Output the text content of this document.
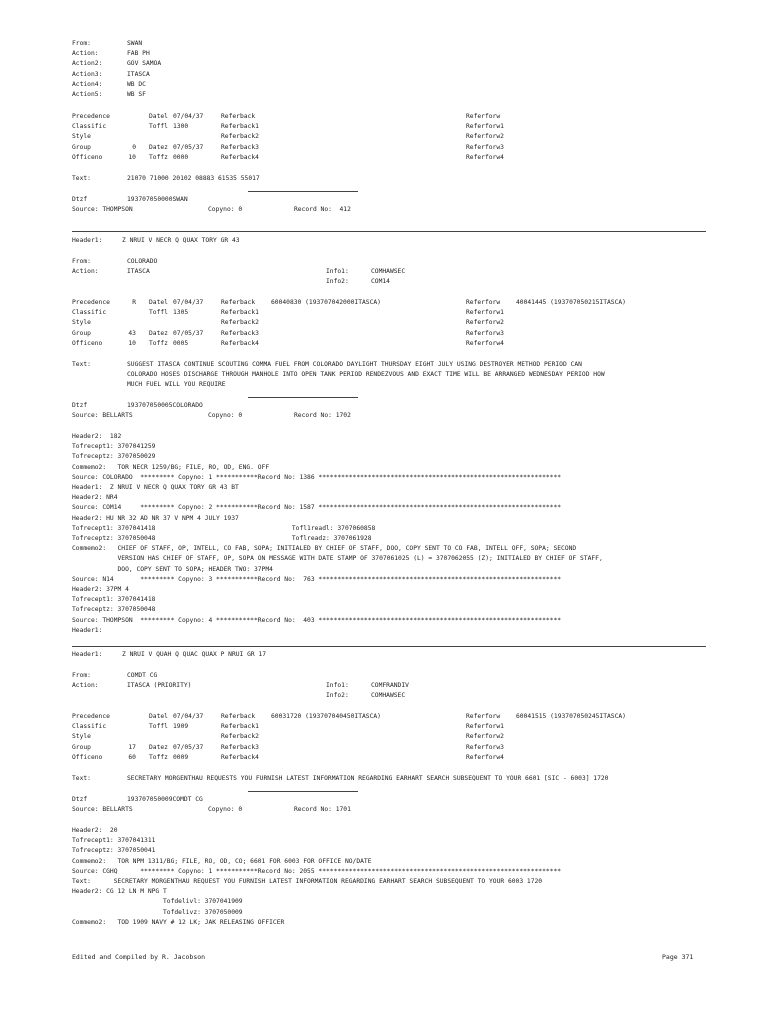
From:	SWAN
Action:	FAB PH
Action2:	GOV SAMOA
Action3:	ITASCA
Action4:	WB DC
Action5:	WB SF
Precedence	Datel 07/04/37	Referback	Referforw
Classific	Toffl 1300	Referback1	Referforw1
Style	Referback2	Referforw2
Group	0 Datez 07/05/37	Referback3	Referforw3
Officeno	10 Toffz 0000	Referback4	Referforw4
Text:	21070 71000 20102 08883 61535 55017
Dtzf	193707050000SWAN
Source: THOMPSON	Copyno: 0	Record No:  412
Header1:	Z NRUI V NECR Q QUAX TORY GR 43
From:	COLORADO
Action:	ITASCA	Info1:	COMHAWSEC
Info2:	COM14
Precedence	R Datel 07/04/37	Referback	60040830 (193707042000ITASCA)	Referforw	40041445 (193707050215ITASCA)
Classific	Toffl 1305	Referback1	Referforw1
Style	Referback2	Referforw2
Group	43 Datez 07/05/37	Referback3	Referforw3
Officeno	10 Toffz 0005	Referback4	Referforw4
Text:	SUGGEST ITASCA CONTINUE SCOUTING COMMA FUEL FROM COLORADO DAYLIGHT THURSDAY EIGHT JULY USING DESTROYER METHOD PERIOD CAN
COLORADO HOSES DISCHARGE THROUGH MANHOLE INTO OPEN TANK PERIOD RENDEZVOUS AND EXACT TIME WILL BE ARRANGED WEDNESDAY PERIOD HOW
MUCH FUEL WILL YOU REQUIRE
Dtzf	193707050005COLORADO
Source: BELLARTS	Copyno: 0	Record No: 1702
Header2:  182
Tofrecept1: 3707041259
Tofreceptz: 3707050029
Commemo2:   TOR NECR 1259/BG; FILE, RO, OD, ENG. OFF
Source: COLORADO  ********* Copyno: 1 ***********Record No: 1386 ****************************************************************
Header1:  Z NRUI V NECR Q QUAX TORY GR 43 BT
Header2: NR4
Source: COM14     ********* Copyno: 2 ***********Record No: 1587 ****************************************************************
Header2: HU NR 32 AD NR 37 V NPM 4 JULY 1937
Tofrecept1: 3707041418                                    Tofl1readl: 3707060858
Tofreceptz: 3707050048                                    Toflreadz: 3707061928
Commemo2:   CHIEF OF STAFF, OP, INTELL, CO FAB, SOPA; INITIALED BY CHIEF OF STAFF, DOO, COPY SENT TO CO FAB, INTELL OFF, SOPA; SECOND
VERSION HAS CHIEF OF STAFF, OP, SOPA ON MESSAGE WITH DATE STAMP OF 3707061025 (L) = 3707062055 (Z); INITIALED BY CHIEF OF STAFF,
DOO, COPY SENT TO SOPA; HEADER TWO: 37PM4
Source: N14       ********* Copyno: 3 ***********Record No:  763 ****************************************************************
Header2: 37PM 4
Tofrecept1: 3707041418
Tofreceptz: 3707050048
Source: THOMPSON  ********* Copyno: 4 ***********Record No:  403 ****************************************************************
Header1:
Header1:	Z NRUI V QUAH Q QUAC QUAX P NRUI GR 17
From:	COMDT CG
Action:	ITASCA (PRIORITY)	Info1:	COMFRANDIV
Info2:	COMHAWSEC
Precedence	Datel 07/04/37	Referback	60031720 (193707040450ITASCA)	Referforw	60041515 (193707050245ITASCA)
Classific	Toffl 1909	Referback1	Referforw1
Style	Referback2	Referforw2
Group	17 Datez 07/05/37	Referback3	Referforw3
Officeno	60 Toffz 0009	Referback4	Referforw4
Text:	SECRETARY MORGENTHAU REQUESTS YOU FURNISH LATEST INFORMATION REGARDING EARHART SEARCH SUBSEQUENT TO YOUR 6601 [SIC - 6003] 1720
Dtzf	193707050009COMDT CG
Source: BELLARTS	Copyno: 0	Record No: 1701
Header2:  20
Tofrecept1: 3707041311
Tofreceptz: 3707050041
Commemo2:   TOR NPM 1311/BG; FILE, RO, OD, CO; 6601 FOR 6003 FOR OFFICE NO/DATE
Source: CGHQ      ********* Copyno: 1 ***********Record No: 2055 ****************************************************************
Text:      SECRETARY MORGENTHAU REQUEST YOU FURNISH LATEST INFORMATION REGARDING EARHART SEARCH SUBSEQUENT TO YOUR 6003 1720
Header2: CG 12 LN M NPG T
Tofdelivl: 3707041909
Tofdelivz: 3707050009
Commemo2:   TOD 1909 NAVY # 12 LK; JAK RELEASING OFFICER
Edited and Compiled by R. Jacobson	Page 371
